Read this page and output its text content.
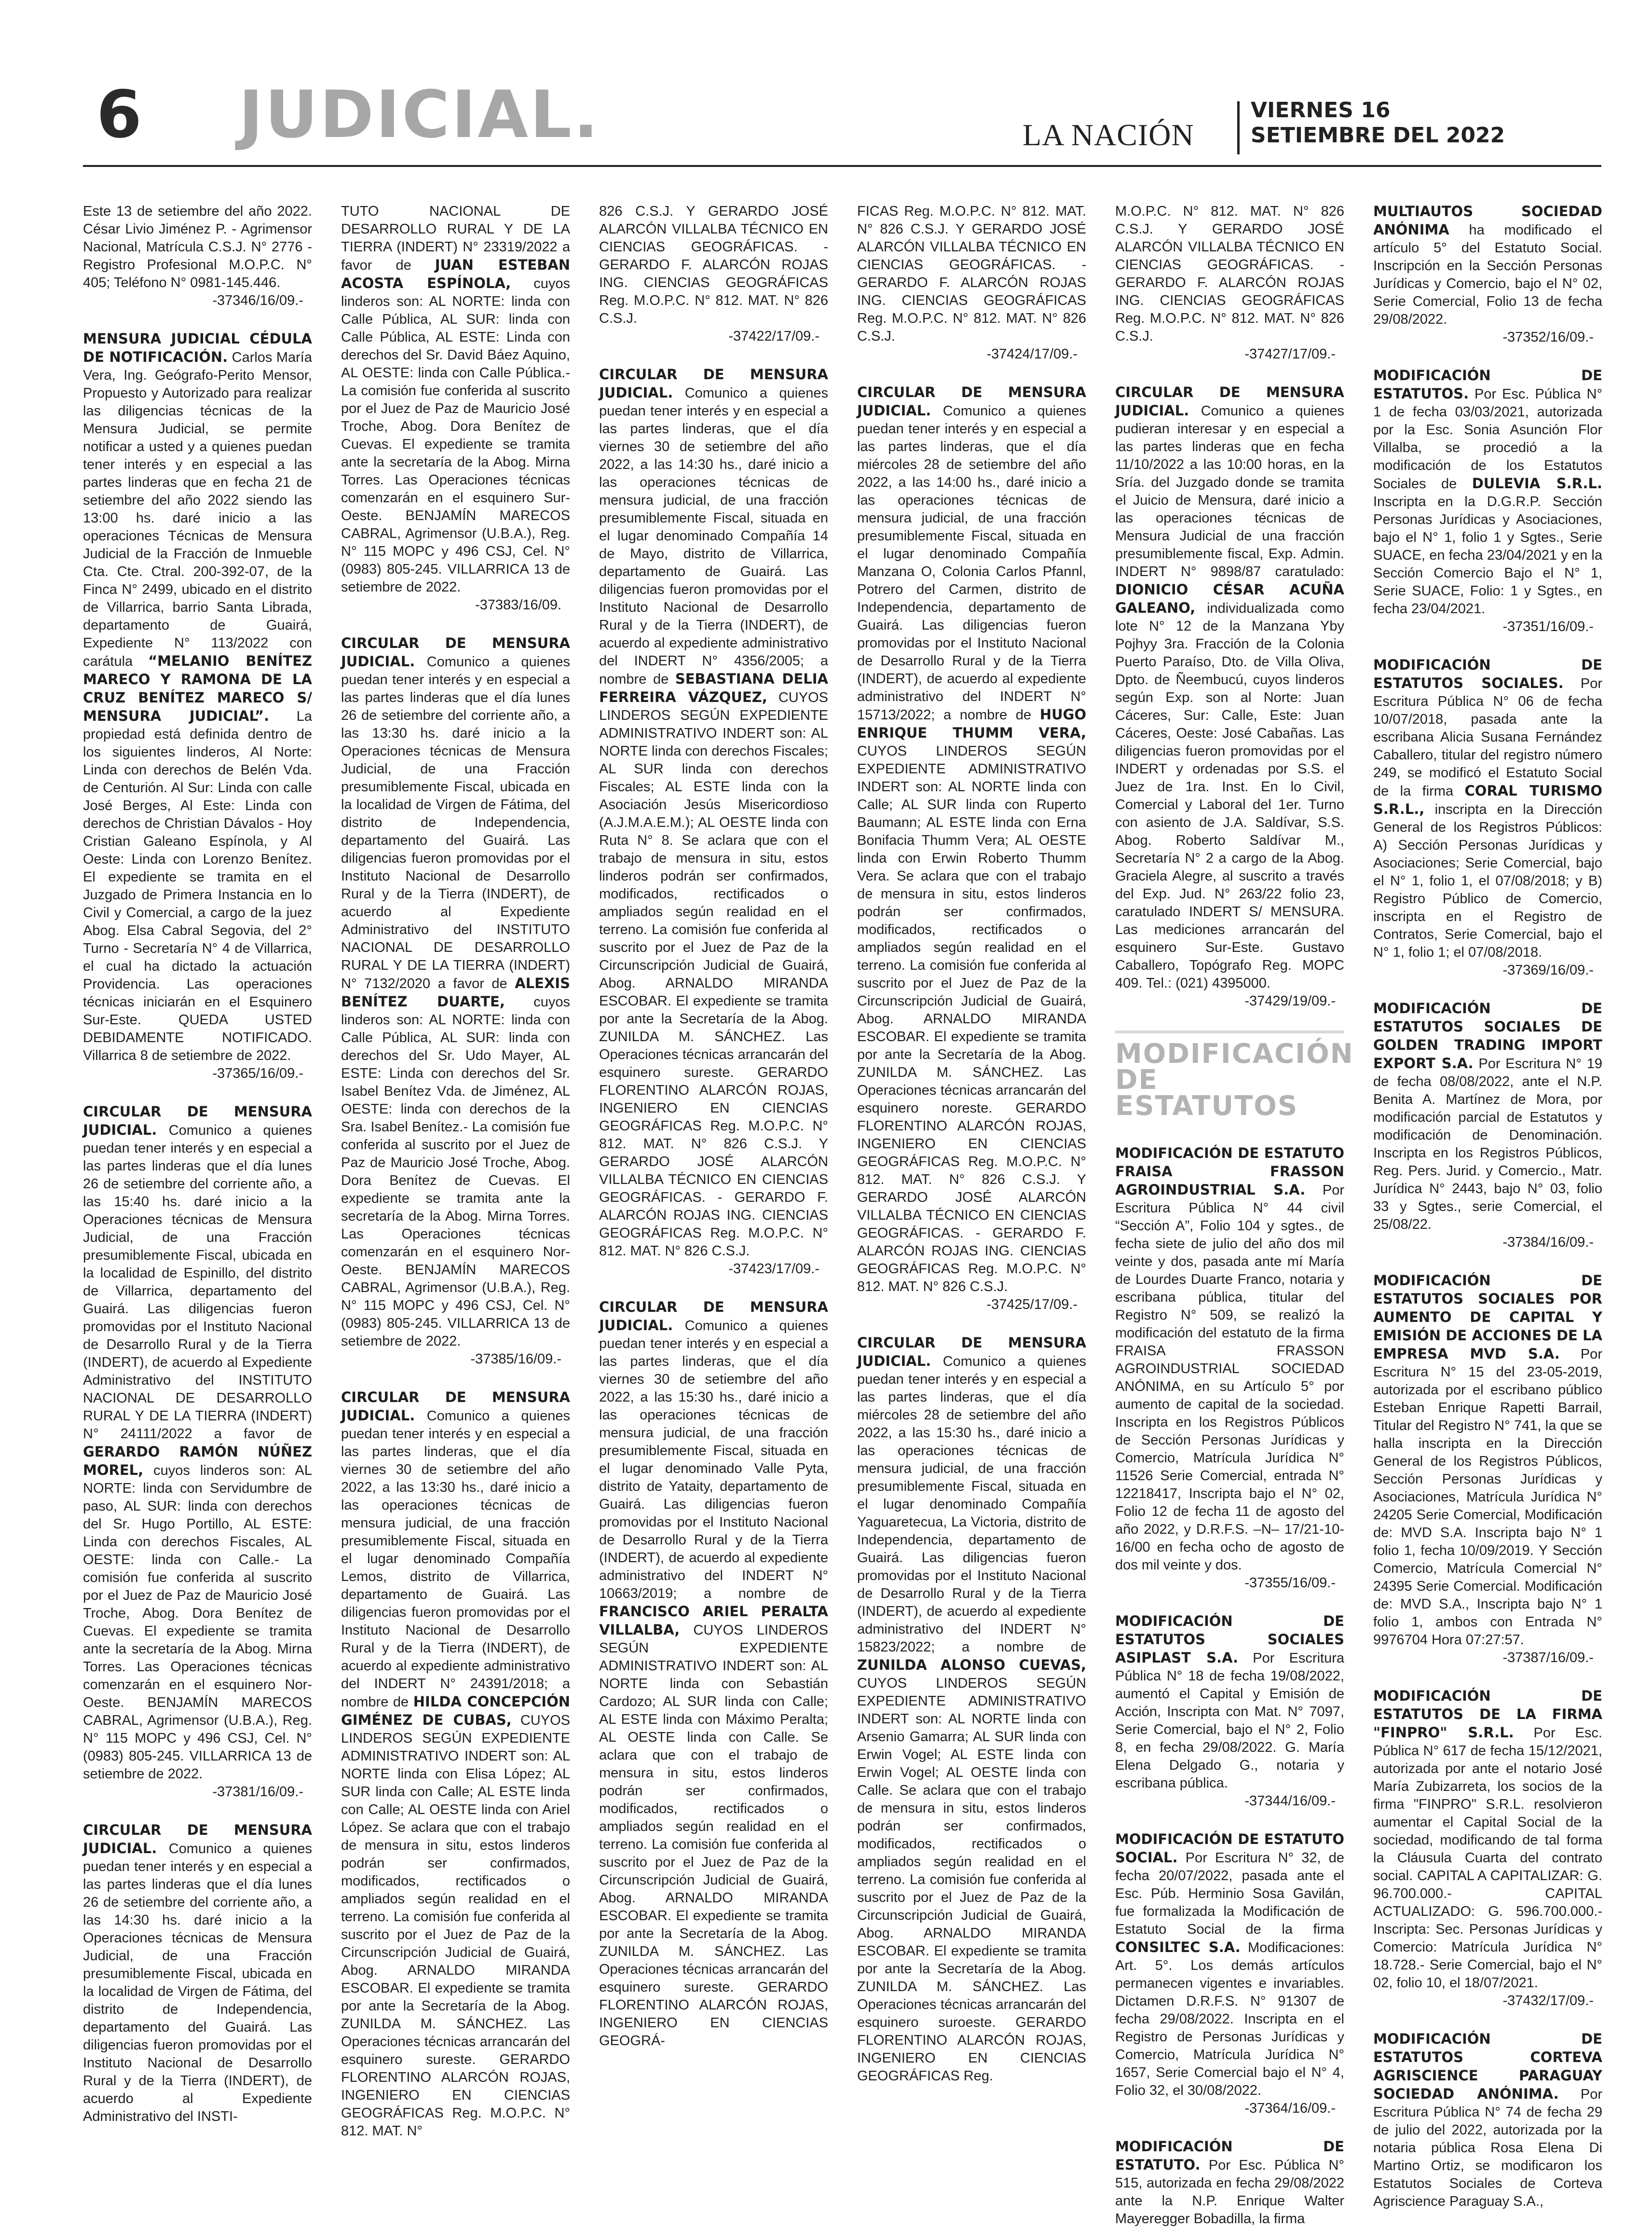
6 JUDICIAL.	LA NACIÓN
VIERNES 16
SETIEMBRE DEL 2022
Este 13 de setiembre del año 2022. César Livio Jiménez P. - Agrimensor Nacional, Matrícula C.S.J. N° 2776 - Registro Profesional M.O.P.C. N° 405; Teléfono N° 0981-145.446.
-37346/16/09.-
MENSURA JUDICIAL CÉDULA DE NOTIFICACIÓN. Carlos María Vera, Ing. Geógrafo-Perito Mensor, Propuesto y Autorizado para realizar las diligencias técnicas de la Mensura Judicial, se permite notificar a usted y a quienes puedan tener interés y en especial a las partes linderas que en fecha 21 de setiembre del año 2022 siendo las 13:00 hs. daré inicio a las operaciones Técnicas de Mensura Judicial de la Fracción de Inmueble Cta. Cte. Ctral. 200-392-07, de la Finca N° 2499, ubicado en el distrito de Villarrica, barrio Santa Librada, departamento de Guairá, Expediente N° 113/2022 con carátula “MELANIO BENÍTEZ MARECO Y RAMONA DE LA CRUZ BENÍTEZ MARECO S/ MENSURA JUDICIAL”. La propiedad está definida dentro de los siguientes linderos, Al Norte: Linda con derechos de Belén Vda. de Centurión. Al Sur: Linda con calle José Berges, Al Este: Linda con derechos de Christian Dávalos - Hoy Cristian Galeano Espínola, y Al Oeste: Linda con Lorenzo Benítez. El expediente se tramita en el Juzgado de Primera Instancia en lo Civil y Comercial, a cargo de la juez Abog. Elsa Cabral Segovia, del 2° Turno - Secretaría N° 4 de Villarrica, el cual ha dictado la actuación Providencia. Las operaciones técnicas iniciarán en el Esquinero Sur-Este. QUEDA USTED DEBIDAMENTE NOTIFICADO. Villarrica 8 de setiembre de 2022.
-37365/16/09.-
CIRCULAR DE MENSURA JUDICIAL. Comunico a quienes puedan tener interés y en especial a las partes linderas que el día lunes 26 de setiembre del corriente año, a las 15:40 hs. daré inicio a la Operaciones técnicas de Mensura Judicial, de una Fracción presumiblemente Fiscal, ubicada en la localidad de Espinillo, del distrito de Villarrica, departamento del Guairá. Las diligencias fueron promovidas por el Instituto Nacional de Desarrollo Rural y de la Tierra (INDERT), de acuerdo al Expediente Administrativo del INSTITUTO NACIONAL DE DESARROLLO RURAL Y DE LA TIERRA (INDERT) N° 24111/2022 a favor de GERARDO RAMÓN NÚÑEZ MOREL, cuyos linderos son: AL NORTE: linda con Servidumbre de paso, AL SUR: linda con derechos del Sr. Hugo Portillo, AL ESTE: Linda con derechos Fiscales, AL OESTE: linda con Calle.- La comisión fue conferida al suscrito por el Juez de Paz de Mauricio José Troche, Abog. Dora Benítez de Cuevas. El expediente se tramita ante la secretaría de la Abog. Mirna Torres. Las Operaciones técnicas comenzarán en el esquinero Nor-Oeste. BENJAMÍN MARECOS CABRAL, Agrimensor (U.B.A.), Reg. N° 115 MOPC y 496 CSJ, Cel. N° (0983) 805-245. VILLARRICA 13 de setiembre de 2022.
-37381/16/09.-
CIRCULAR DE MENSURA JUDICIAL. Comunico a quienes puedan tener interés y en especial a las partes linderas que el día lunes 26 de setiembre del corriente año, a las 14:30 hs. daré inicio a la Operaciones técnicas de Mensura Judicial, de una Fracción presumiblemente Fiscal, ubicada en la localidad de Virgen de Fátima, del distrito de Independencia, departamento del Guairá. Las diligencias fueron promovidas por el Instituto Nacional de Desarrollo Rural y de la Tierra (INDERT), de acuerdo al Expediente Administrativo del INSTI-
TUTO NACIONAL DE DESARROLLO RURAL Y DE LA TIERRA (INDERT) N° 23319/2022 a favor de JUAN ESTEBAN ACOSTA ESPÍNOLA, cuyos linderos son: AL NORTE: linda con Calle Pública, AL SUR: linda con Calle Pública, AL ESTE: Linda con derechos del Sr. David Báez Aquino, AL OESTE: linda con Calle Pública.- La comisión fue conferida al suscrito por el Juez de Paz de Mauricio José Troche, Abog. Dora Benítez de Cuevas. El expediente se tramita ante la secretaría de la Abog. Mirna Torres. Las Operaciones técnicas comenzarán en el esquinero Sur-Oeste. BENJAMÍN MARECOS CABRAL, Agrimensor (U.B.A.), Reg. N° 115 MOPC y 496 CSJ, Cel. N° (0983) 805-245. VILLARRICA 13 de setiembre de 2022.
-37383/16/09.
CIRCULAR DE MENSURA JUDICIAL. Comunico a quienes puedan tener interés y en especial a las partes linderas que el día lunes 26 de setiembre del corriente año, a las 13:30 hs. daré inicio a la Operaciones técnicas de Mensura Judicial, de una Fracción presumiblemente Fiscal, ubicada en la localidad de Virgen de Fátima, del distrito de Independencia, departamento del Guairá. Las diligencias fueron promovidas por el Instituto Nacional de Desarrollo Rural y de la Tierra (INDERT), de acuerdo al Expediente Administrativo del INSTITUTO NACIONAL DE DESARROLLO RURAL Y DE LA TIERRA (INDERT) N° 7132/2020 a favor de ALEXIS BENÍTEZ DUARTE, cuyos linderos son: AL NORTE: linda con Calle Pública, AL SUR: linda con derechos del Sr. Udo Mayer, AL ESTE: Linda con derechos del Sr. Isabel Benítez Vda. de Jiménez, AL OESTE: linda con derechos de la Sra. Isabel Benítez.- La comisión fue conferida al suscrito por el Juez de Paz de Mauricio José Troche, Abog. Dora Benítez de Cuevas. El expediente se tramita ante la secretaría de la Abog. Mirna Torres. Las Operaciones técnicas comenzarán en el esquinero Nor-Oeste. BENJAMÍN MARECOS CABRAL, Agrimensor (U.B.A.), Reg. N° 115 MOPC y 496 CSJ, Cel. N° (0983) 805-245. VILLARRICA 13 de setiembre de 2022.
-37385/16/09.-
CIRCULAR DE MENSURA JUDICIAL. Comunico a quienes puedan tener interés y en especial a las partes linderas, que el día viernes 30 de setiembre del año 2022, a las 13:30 hs., daré inicio a las operaciones técnicas de mensura judicial, de una fracción presumiblemente Fiscal, situada en el lugar denominado Compañía Lemos, distrito de Villarrica, departamento de Guairá. Las diligencias fueron promovidas por el Instituto Nacional de Desarrollo Rural y de la Tierra (INDERT), de acuerdo al expediente administrativo del INDERT N° 24391/2018; a nombre de HILDA CONCEPCIÓN GIMÉNEZ DE CUBAS, CUYOS LINDEROS SEGÚN EXPEDIENTE ADMINISTRATIVO INDERT son: AL NORTE linda con Elisa López; AL SUR linda con Calle; AL ESTE linda con Calle; AL OESTE linda con Ariel López. Se aclara que con el trabajo de mensura in situ, estos linderos podrán ser confirmados, modificados, rectificados o ampliados según realidad en el terreno. La comisión fue conferida al suscrito por el Juez de Paz de la Circunscripción Judicial de Guairá, Abog. ARNALDO MIRANDA ESCOBAR. El expediente se tramita por ante la Secretaría de la Abog. ZUNILDA M. SÁNCHEZ. Las Operaciones técnicas arrancarán del esquinero sureste. GERARDO FLORENTINO ALARCÓN ROJAS, INGENIERO EN CIENCIAS GEOGRÁFICAS Reg. M.O.P.C. N° 812. MAT. N°
826 C.S.J. Y GERARDO JOSÉ ALARCÓN VILLALBA TÉCNICO EN CIENCIAS GEOGRÁFICAS. - GERARDO F. ALARCÓN ROJAS ING. CIENCIAS GEOGRÁFICAS Reg. M.O.P.C. N° 812. MAT. N° 826 C.S.J.
-37422/17/09.-
CIRCULAR DE MENSURA JUDICIAL. Comunico a quienes puedan tener interés y en especial a las partes linderas, que el día viernes 30 de setiembre del año 2022, a las 14:30 hs., daré inicio a las operaciones técnicas de mensura judicial, de una fracción presumiblemente Fiscal, situada en el lugar denominado Compañía 14 de Mayo, distrito de Villarrica, departamento de Guairá. Las diligencias fueron promovidas por el Instituto Nacional de Desarrollo Rural y de la Tierra (INDERT), de acuerdo al expediente administrativo del INDERT N° 4356/2005; a nombre de SEBASTIANA DELIA FERREIRA VÁZQUEZ, CUYOS LINDEROS SEGÚN EXPEDIENTE ADMINISTRATIVO INDERT son: AL NORTE linda con derechos Fiscales; AL SUR linda con derechos Fiscales; AL ESTE linda con la Asociación Jesús Misericordioso (A.J.M.A.E.M.); AL OESTE linda con Ruta N° 8. Se aclara que con el trabajo de mensura in situ, estos linderos podrán ser confirmados, modificados, rectificados o ampliados según realidad en el terreno. La comisión fue conferida al suscrito por el Juez de Paz de la Circunscripción Judicial de Guairá, Abog. ARNALDO MIRANDA ESCOBAR. El expediente se tramita por ante la Secretaría de la Abog. ZUNILDA M. SÁNCHEZ. Las Operaciones técnicas arrancarán del esquinero sureste. GERARDO FLORENTINO ALARCÓN ROJAS, INGENIERO EN CIENCIAS GEOGRÁFICAS Reg. M.O.P.C. N° 812. MAT. N° 826 C.S.J. Y GERARDO JOSÉ ALARCÓN VILLALBA TÉCNICO EN CIENCIAS GEOGRÁFICAS. - GERARDO F. ALARCÓN ROJAS ING. CIENCIAS GEOGRÁFICAS Reg. M.O.P.C. N° 812. MAT. N° 826 C.S.J.
-37423/17/09.-
CIRCULAR DE MENSURA JUDICIAL. Comunico a quienes puedan tener interés y en especial a las partes linderas, que el día viernes 30 de setiembre del año 2022, a las 15:30 hs., daré inicio a las operaciones técnicas de mensura judicial, de una fracción presumiblemente Fiscal, situada en el lugar denominado Valle Pyta, distrito de Yataity, departamento de Guairá. Las diligencias fueron promovidas por el Instituto Nacional de Desarrollo Rural y de la Tierra (INDERT), de acuerdo al expediente administrativo del INDERT N° 10663/2019; a nombre de FRANCISCO ARIEL PERALTA VILLALBA, CUYOS LINDEROS SEGÚN EXPEDIENTE ADMINISTRATIVO INDERT son: AL NORTE linda con Sebastián Cardozo; AL SUR linda con Calle; AL ESTE linda con Máximo Peralta; AL OESTE linda con Calle. Se aclara que con el trabajo de mensura in situ, estos linderos podrán ser confirmados, modificados, rectificados o ampliados según realidad en el terreno. La comisión fue conferida al suscrito por el Juez de Paz de la Circunscripción Judicial de Guairá, Abog. ARNALDO MIRANDA ESCOBAR. El expediente se tramita por ante la Secretaría de la Abog. ZUNILDA M. SÁNCHEZ. Las Operaciones técnicas arrancarán del esquinero sureste. GERARDO FLORENTINO ALARCÓN ROJAS, INGENIERO EN CIENCIAS GEOGRÁ-
FICAS Reg. M.O.P.C. N° 812. MAT. N° 826 C.S.J. Y GERARDO JOSÉ ALARCÓN VILLALBA TÉCNICO EN CIENCIAS GEOGRÁFICAS. - GERARDO F. ALARCÓN ROJAS ING. CIENCIAS GEOGRÁFICAS Reg. M.O.P.C. N° 812. MAT. N° 826 C.S.J.
-37424/17/09.-
CIRCULAR DE MENSURA JUDICIAL. Comunico a quienes puedan tener interés y en especial a las partes linderas, que el día miércoles 28 de setiembre del año 2022, a las 14:00 hs., daré inicio a las operaciones técnicas de mensura judicial, de una fracción presumiblemente Fiscal, situada en el lugar denominado Compañía Manzana O, Colonia Carlos Pfannl, Potrero del Carmen, distrito de Independencia, departamento de Guairá. Las diligencias fueron promovidas por el Instituto Nacional de Desarrollo Rural y de la Tierra (INDERT), de acuerdo al expediente administrativo del INDERT N° 15713/2022; a nombre de HUGO ENRIQUE THUMM VERA, CUYOS LINDEROS SEGÚN EXPEDIENTE ADMINISTRATIVO INDERT son: AL NORTE linda con Calle; AL SUR linda con Ruperto Baumann; AL ESTE linda con Erna Bonifacia Thumm Vera; AL OESTE linda con Erwin Roberto Thumm Vera. Se aclara que con el trabajo de mensura in situ, estos linderos podrán ser confirmados, modificados, rectificados o ampliados según realidad en el terreno. La comisión fue conferida al suscrito por el Juez de Paz de la Circunscripción Judicial de Guairá, Abog. ARNALDO MIRANDA ESCOBAR. El expediente se tramita por ante la Secretaría de la Abog. ZUNILDA M. SÁNCHEZ. Las Operaciones técnicas arrancarán del esquinero noreste. GERARDO FLORENTINO ALARCÓN ROJAS, INGENIERO EN CIENCIAS GEOGRÁFICAS Reg. M.O.P.C. N° 812. MAT. N° 826 C.S.J. Y GERARDO JOSÉ ALARCÓN VILLALBA TÉCNICO EN CIENCIAS GEOGRÁFICAS. - GERARDO F. ALARCÓN ROJAS ING. CIENCIAS GEOGRÁFICAS Reg. M.O.P.C. N° 812. MAT. N° 826 C.S.J.
-37425/17/09.-
CIRCULAR DE MENSURA JUDICIAL. Comunico a quienes puedan tener interés y en especial a las partes linderas, que el día miércoles 28 de setiembre del año 2022, a las 15:30 hs., daré inicio a las operaciones técnicas de mensura judicial, de una fracción presumiblemente Fiscal, situada en el lugar denominado Compañía Yaguaretecua, La Victoria, distrito de Independencia, departamento de Guairá. Las diligencias fueron promovidas por el Instituto Nacional de Desarrollo Rural y de la Tierra (INDERT), de acuerdo al expediente administrativo del INDERT N° 15823/2022; a nombre de ZUNILDA ALONSO CUEVAS, CUYOS LINDEROS SEGÚN EXPEDIENTE ADMINISTRATIVO INDERT son: AL NORTE linda con Arsenio Gamarra; AL SUR linda con Erwin Vogel; AL ESTE linda con Erwin Vogel; AL OESTE linda con Calle. Se aclara que con el trabajo de mensura in situ, estos linderos podrán ser confirmados, modificados, rectificados o ampliados según realidad en el terreno. La comisión fue conferida al suscrito por el Juez de Paz de la Circunscripción Judicial de Guairá, Abog. ARNALDO MIRANDA ESCOBAR. El expediente se tramita por ante la Secretaría de la Abog. ZUNILDA M. SÁNCHEZ. Las Operaciones técnicas arrancarán del esquinero suroeste. GERARDO FLORENTINO ALARCÓN ROJAS, INGENIERO EN CIENCIAS GEOGRÁFICAS Reg.
M.O.P.C. N° 812. MAT. N° 826 C.S.J. Y GERARDO JOSÉ ALARCÓN VILLALBA TÉCNICO EN CIENCIAS GEOGRÁFICAS. - GERARDO F. ALARCÓN ROJAS ING. CIENCIAS GEOGRÁFICAS Reg. M.O.P.C. N° 812. MAT. N° 826 C.S.J.
-37427/17/09.-
CIRCULAR DE MENSURA JUDICIAL. Comunico a quienes pudieran interesar y en especial a las partes linderas que en fecha 11/10/2022 a las 10:00 horas, en la Sría. del Juzgado donde se tramita el Juicio de Mensura, daré inicio a las operaciones técnicas de Mensura Judicial de una fracción presumiblemente fiscal, Exp. Admin. INDERT N° 9898/87 caratulado: DIONICIO CÉSAR ACUÑA GALEANO, individualizada como lote N° 12 de la Manzana Yby Pojhyy 3ra. Fracción de la Colonia Puerto Paraíso, Dto. de Villa Oliva, Dpto. de Ñeembucú, cuyos linderos según Exp. son al Norte: Juan Cáceres, Sur: Calle, Este: Juan Cáceres, Oeste: José Cabañas. Las diligencias fueron promovidas por el INDERT y ordenadas por S.S. el Juez de 1ra. Inst. En lo Civil, Comercial y Laboral del 1er. Turno con asiento de J.A. Saldívar, S.S. Abog. Roberto Saldívar M., Secretaría N° 2 a cargo de la Abog. Graciela Alegre, al suscrito a través del Exp. Jud. N° 263/22 folio 23, caratulado INDERT S/ MENSURA. Las mediciones arrancarán del esquinero Sur-Este. Gustavo Caballero, Topógrafo Reg. MOPC 409. Tel.: (021) 4395000.
-37429/19/09.-
MODIFICACIÓN
DE ESTATUTOS
MODIFICACIÓN DE ESTATUTO FRAISA FRASSON AGROINDUSTRIAL S.A. Por Escritura Pública N° 44 civil “Sección A”, Folio 104 y sgtes., de fecha siete de julio del año dos mil veinte y dos, pasada ante mí María de Lourdes Duarte Franco, notaria y escribana pública, titular del Registro N° 509, se realizó la modificación del estatuto de la firma FRAISA FRASSON AGROINDUSTRIAL SOCIEDAD ANÓNIMA, en su Artículo 5° por aumento de capital de la sociedad. Inscripta en los Registros Públicos de Sección Personas Jurídicas y Comercio, Matrícula Jurídica N° 11526 Serie Comercial, entrada N° 12218417, Inscripta bajo el N° 02, Folio 12 de fecha 11 de agosto del año 2022, y D.R.F.S. –N– 17/21-10-16/00 en fecha ocho de agosto de dos mil veinte y dos.
-37355/16/09.-
MODIFICACIÓN DE ESTATUTOS SOCIALES ASIPLAST S.A. Por Escritura Pública N° 18 de fecha 19/08/2022, aumentó el Capital y Emisión de Acción, Inscripta con Mat. N° 7097, Serie Comercial, bajo el N° 2, Folio 8, en fecha 29/08/2022. G. María Elena Delgado G., notaria y escribana pública.
-37344/16/09.-
MODIFICACIÓN DE ESTATUTO SOCIAL. Por Escritura N° 32, de fecha 20/07/2022, pasada ante el Esc. Púb. Herminio Sosa Gavilán, fue formalizada la Modificación de Estatuto Social de la firma CONSILTEC S.A. Modificaciones: Art. 5°. Los demás artículos permanecen vigentes e invariables. Dictamen D.R.F.S. N° 91307 de fecha 29/08/2022. Inscripta en el Registro de Personas Jurídicas y Comercio, Matrícula Jurídica N° 1657, Serie Comercial bajo el N° 4, Folio 32, el 30/08/2022.
-37364/16/09.-
MODIFICACIÓN DE ESTATUTO. Por Esc. Pública N° 515, autorizada en fecha 29/08/2022 ante la N.P. Enrique Walter Mayeregger Bobadilla, la firma
MULTIAUTOS SOCIEDAD ANÓNIMA ha modificado el artículo 5° del Estatuto Social. Inscripción en la Sección Personas Jurídicas y Comercio, bajo el N° 02, Serie Comercial, Folio 13 de fecha 29/08/2022.
-37352/16/09.-
MODIFICACIÓN DE ESTATUTOS. Por Esc. Pública N° 1 de fecha 03/03/2021, autorizada por la Esc. Sonia Asunción Flor Villalba, se procedió a la modificación de los Estatutos Sociales de DULEVIA S.R.L. Inscripta en la D.G.R.P. Sección Personas Jurídicas y Asociaciones, bajo el N° 1, folio 1 y Sgtes., Serie SUACE, en fecha 23/04/2021 y en la Sección Comercio Bajo el N° 1, Serie SUACE, Folio: 1 y Sgtes., en fecha 23/04/2021.
-37351/16/09.-
MODIFICACIÓN DE ESTATUTOS SOCIALES. Por Escritura Pública N° 06 de fecha 10/07/2018, pasada ante la escribana Alicia Susana Fernández Caballero, titular del registro número 249, se modificó el Estatuto Social de la firma CORAL TURISMO S.R.L., inscripta en la Dirección General de los Registros Públicos: A) Sección Personas Jurídicas y Asociaciones; Serie Comercial, bajo el N° 1, folio 1, el 07/08/2018; y B) Registro Público de Comercio, inscripta en el Registro de Contratos, Serie Comercial, bajo el N° 1, folio 1; el 07/08/2018.
-37369/16/09.-
MODIFICACIÓN DE ESTATUTOS SOCIALES DE GOLDEN TRADING IMPORT EXPORT S.A. Por Escritura N° 19 de fecha 08/08/2022, ante el N.P. Benita A. Martínez de Mora, por modificación parcial de Estatutos y modificación de Denominación. Inscripta en los Registros Públicos, Reg. Pers. Jurid. y Comercio., Matr. Jurídica N° 2443, bajo N° 03, folio 33 y Sgtes., serie Comercial, el 25/08/22.
-37384/16/09.-
MODIFICACIÓN DE ESTATUTOS SOCIALES POR AUMENTO DE CAPITAL Y EMISIÓN DE ACCIONES DE LA EMPRESA MVD S.A. Por Escritura N° 15 del 23-05-2019, autorizada por el escribano público Esteban Enrique Rapetti Barrail, Titular del Registro N° 741, la que se halla inscripta en la Dirección General de los Registros Públicos, Sección Personas Jurídicas y Asociaciones, Matrícula Jurídica N° 24205 Serie Comercial, Modificación de: MVD S.A. Inscripta bajo N° 1 folio 1, fecha 10/09/2019. Y Sección Comercio, Matrícula Comercial N° 24395 Serie Comercial. Modificación de: MVD S.A., Inscripta bajo N° 1 folio 1, ambos con Entrada N° 9976704 Hora 07:27:57.
-37387/16/09.-
MODIFICACIÓN DE ESTATUTOS DE LA FIRMA "FINPRO" S.R.L. Por Esc. Pública N° 617 de fecha 15/12/2021, autorizada por ante el notario José María Zubizarreta, los socios de la firma "FINPRO" S.R.L. resolvieron aumentar el Capital Social de la sociedad, modificando de tal forma la Cláusula Cuarta del contrato social. CAPITAL A CAPITALIZAR: G. 96.700.000.- CAPITAL ACTUALIZADO: G. 596.700.000.- Inscripta: Sec. Personas Jurídicas y Comercio: Matrícula Jurídica N° 18.728.- Serie Comercial, bajo el N° 02, folio 10, el 18/07/2021.
-37432/17/09.-
MODIFICACIÓN DE ESTATUTOS CORTEVA AGRISCIENCE PARAGUAY SOCIEDAD ANÓNIMA. Por Escritura Pública N° 74 de fecha 29 de julio del 2022, autorizada por la notaria pública Rosa Elena Di Martino Ortiz, se modificaron los Estatutos Sociales de Corteva Agriscience Paraguay S.A.,
